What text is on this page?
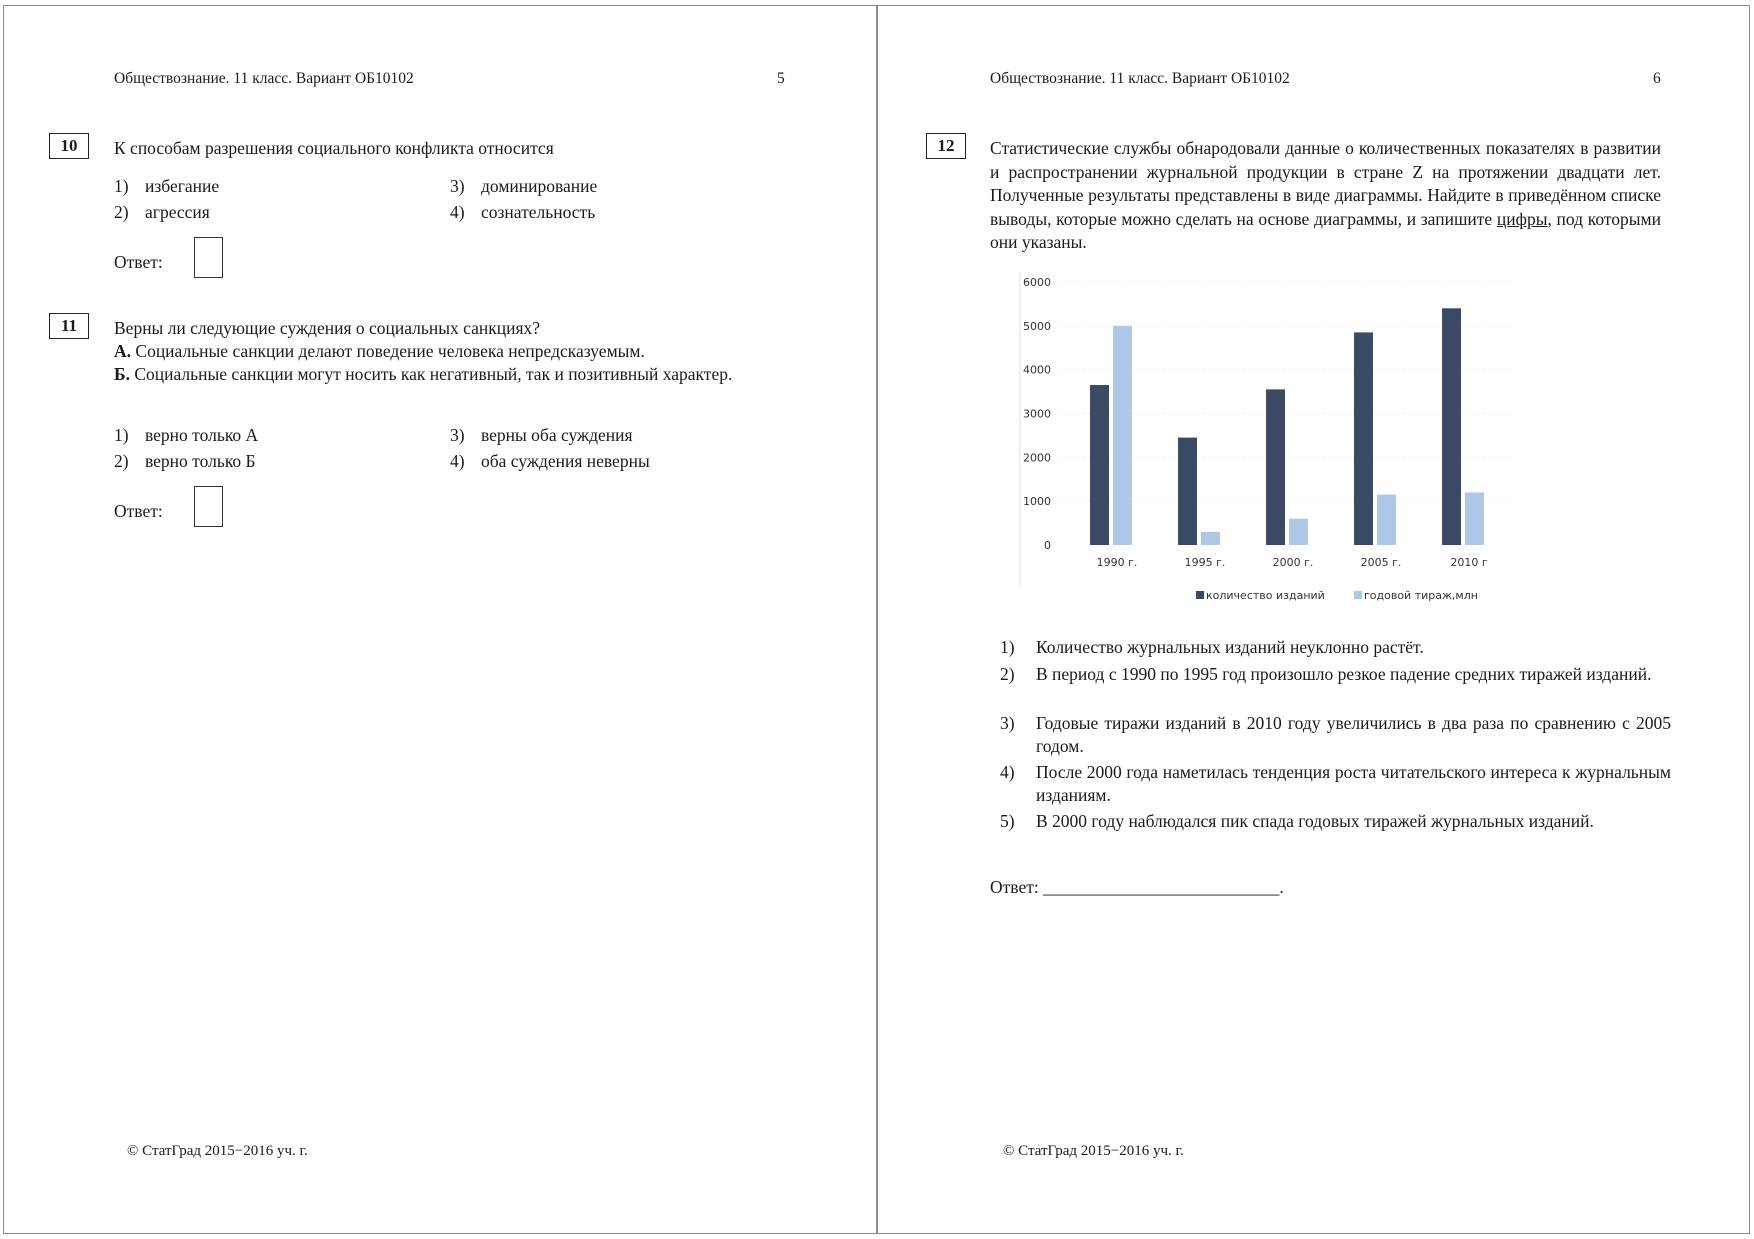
Обществознание. 11 класс. Вариант ОБ10102	5
10	К способам разрешения социального конфликта относится
1) избегание
2) агрессия
3) доминирование
4) сознательность
Ответ:
11	Верны ли следующие суждения о социальных санкциях?
А. Социальные санкции делают поведение человека непредсказуемым.
Б. Социальные санкции могут носить как негативный, так и позитивный характер.
1) верно только А
2) верно только Б
3) верны оба суждения
4) оба суждения неверны
Ответ:
© СтатГрад 2015−2016 уч. г.
Обществознание. 11 класс. Вариант ОБ10102	6
12	Статистические службы обнародовали данные о количественных показателях в развитии и распространении журнальной продукции в стране Z на протяжении двадцати лет. Полученные результаты представлены в виде диаграммы. Найдите в приведённом списке выводы, которые можно сделать на основе диаграммы, и запишите цифры, под которыми они указаны.
0
1000
2000
3000
4000
5000
6000
1990 г.	1995 г.	2000 г.	2005 г.	2010 г
количество изданий	годовой тираж,млн
1) Количество журнальных изданий неуклонно растёт.
2) В период с 1990 по 1995 год произошло резкое падение средних тиражей изданий.
3) Годовые тиражи изданий в 2010 году увеличились в два раза по сравнению с 2005 годом.
4) После 2000 года наметилась тенденция роста читательского интереса к журнальным изданиям.
5) В 2000 году наблюдался пик спада годовых тиражей журнальных изданий.
Ответ: ___________________________.
© СтатГрад 2015−2016 уч. г.
